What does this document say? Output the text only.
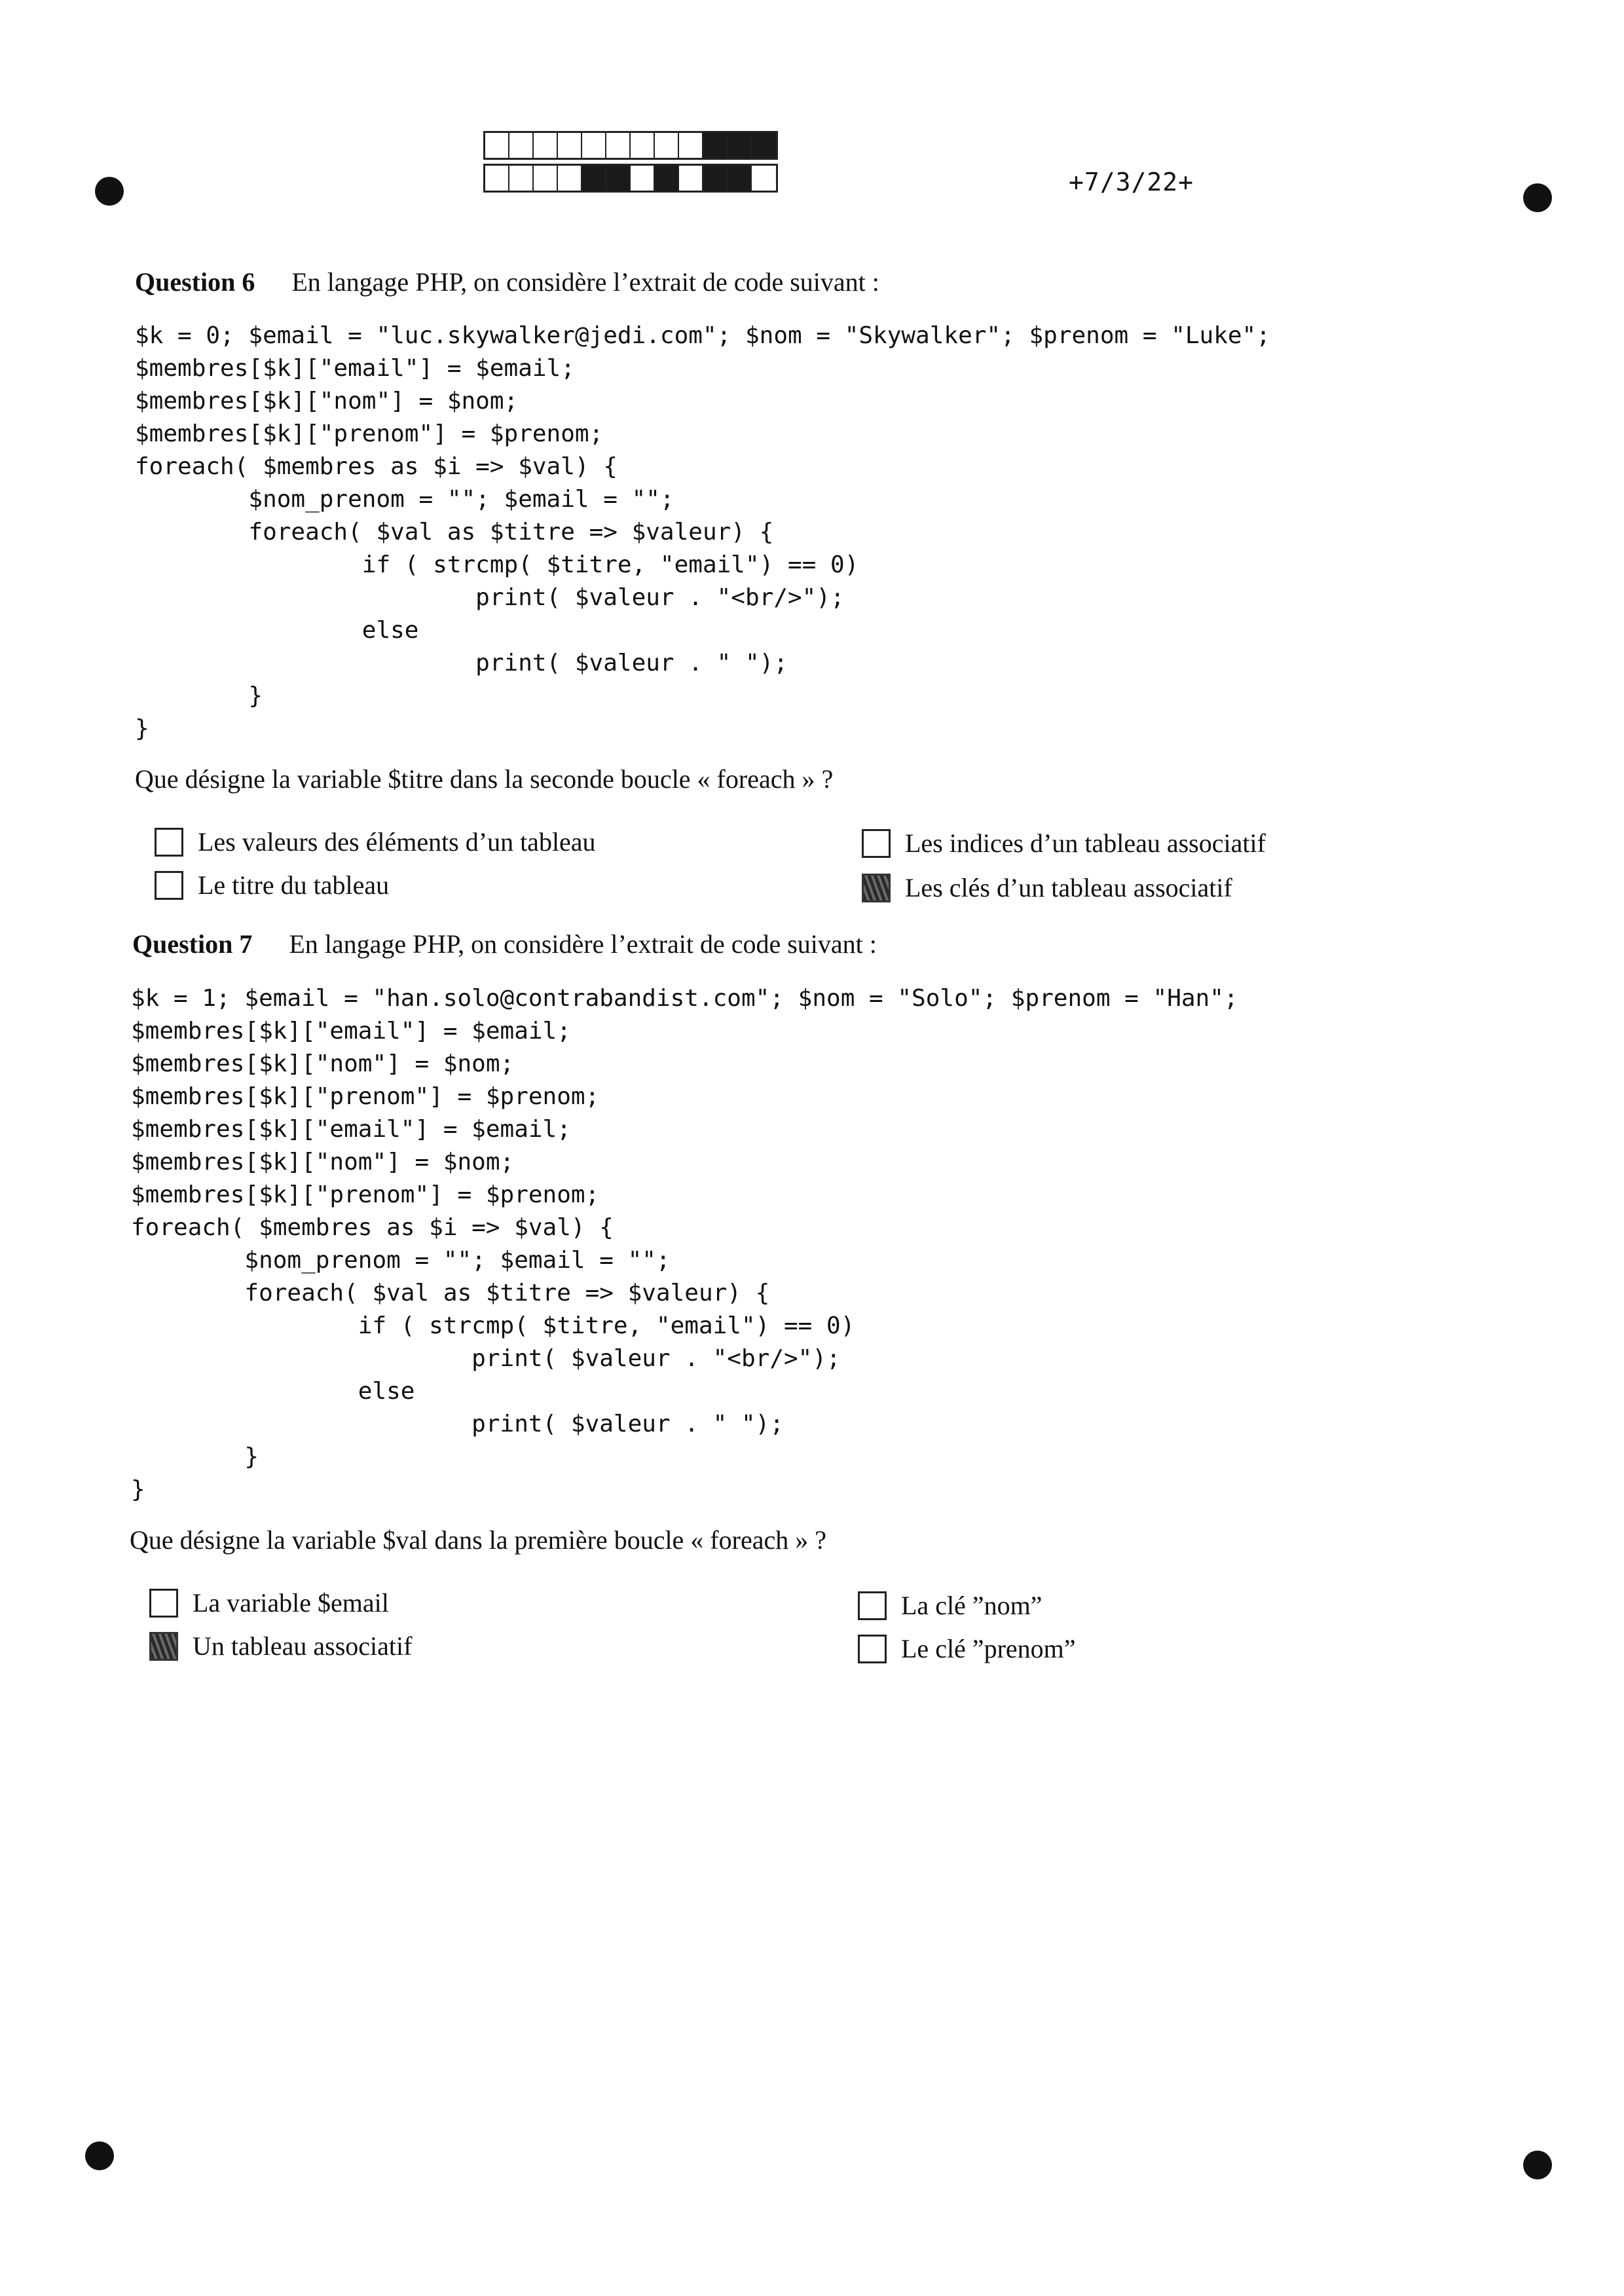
+7/3/22+
Question 6 En langage PHP, on considère l’extrait de code suivant :
$k = 0; $email = "luc.skywalker@jedi.com"; $nom = "Skywalker"; $prenom = "Luke";
$membres[$k]["email"] = $email;
$membres[$k]["nom"] = $nom;
$membres[$k]["prenom"] = $prenom;
foreach( $membres as $i => $val) {
$nom_prenom = ""; $email = "";
foreach( $val as $titre => $valeur) {
if ( strcmp( $titre, "email") == 0)
print( $valeur . "<br/>");
else
print( $valeur . " ");
}
}
Que désigne la variable $titre dans la seconde boucle « foreach » ?
Les valeurs des éléments d’un tableau
Le titre du tableau
Les indices d’un tableau associatif
Les clés d’un tableau associatif
Question 7 En langage PHP, on considère l’extrait de code suivant :
$k = 1; $email = "han.solo@contrabandist.com"; $nom = "Solo"; $prenom = "Han";
$membres[$k]["email"] = $email;
$membres[$k]["nom"] = $nom;
$membres[$k]["prenom"] = $prenom;
$membres[$k]["email"] = $email;
$membres[$k]["nom"] = $nom;
$membres[$k]["prenom"] = $prenom;
foreach( $membres as $i => $val) {
$nom_prenom = ""; $email = "";
foreach( $val as $titre => $valeur) {
if ( strcmp( $titre, "email") == 0)
print( $valeur . "<br/>");
else
print( $valeur . " ");
}
}
Que désigne la variable $val dans la première boucle « foreach » ?
La variable $email
Un tableau associatif
La clé ”nom”
Le clé ”prenom”
